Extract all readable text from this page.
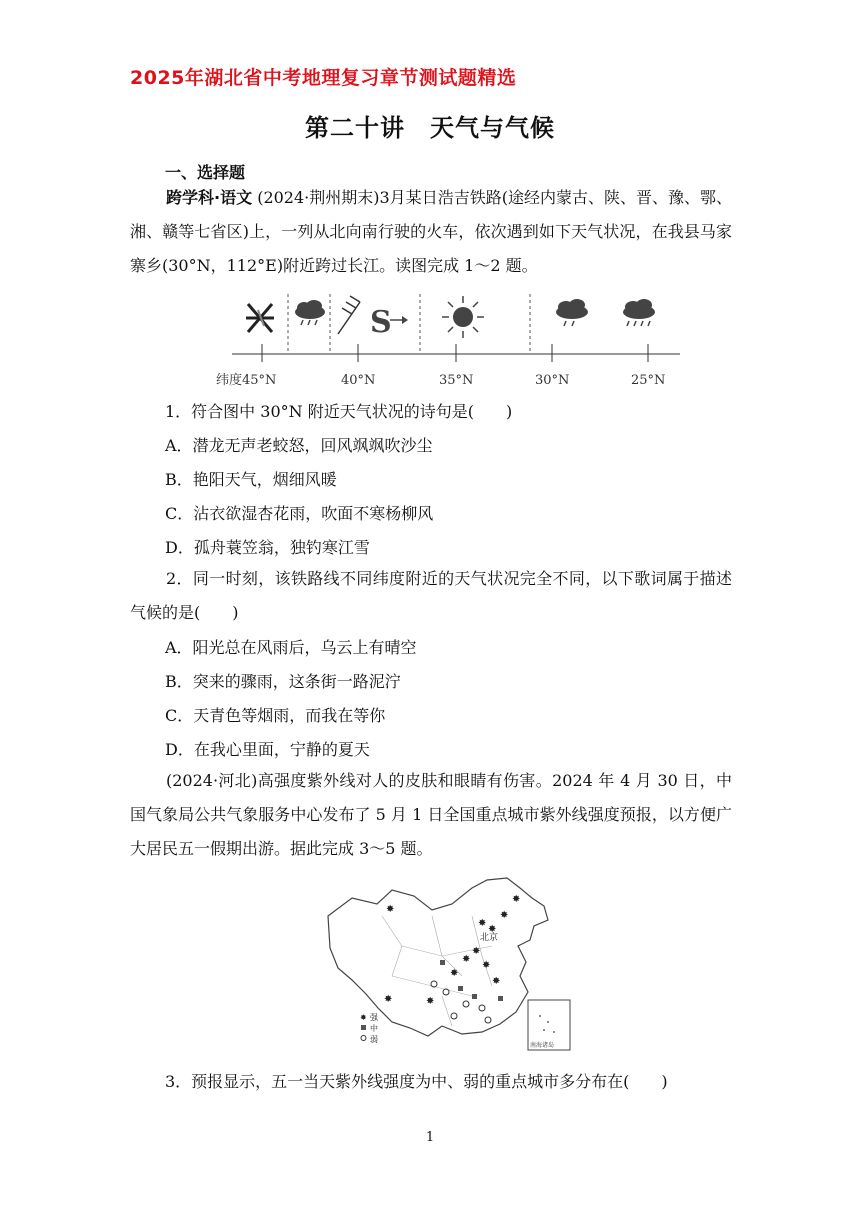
2025年湖北省中考地理复习章节测试题精选
第二十讲　天气与气候
一、选择题
跨学科·语文 (2024·荆州期末)3月某日浩吉铁路(途经内蒙古、陕、晋、豫、鄂、湘、赣等七省区)上，一列从北向南行驶的火车，依次遇到如下天气状况，在我县马家寨乡(30°N，112°E)附近跨过长江。读图完成 1～2 题。
S
纬度45°N	40°N	35°N	30°N	25°N
1．符合图中 30°N 附近天气状况的诗句是(　　)
A．潜龙无声老蛟怒，回风飒飒吹沙尘
B．艳阳天气，烟细风暖
C．沾衣欲湿杏花雨，吹面不寒杨柳风
D．孤舟蓑笠翁，独钓寒江雪
2．同一时刻，该铁路线不同纬度附近的天气状况完全不同，以下歌词属于描述气候的是(　　)
A．阳光总在风雨后，乌云上有晴空
B．突来的骤雨，这条街一路泥泞
C．天青色等烟雨，而我在等你
D．在我心里面，宁静的夏天
(2024·河北)高强度紫外线对人的皮肤和眼睛有伤害。2024 年 4 月 30 日，中国气象局公共气象服务中心发布了 5 月 1 日全国重点城市紫外线强度预报，以方便广大居民五一假期出游。据此完成 3～5 题。
南海诸岛
北京
✸
✸
✸
✸
✸
✸
✸
✸
✸
✸
✸
✸
✸ 强
中
弱
3．预报显示，五一当天紫外线强度为中、弱的重点城市多分布在(　　)
1
